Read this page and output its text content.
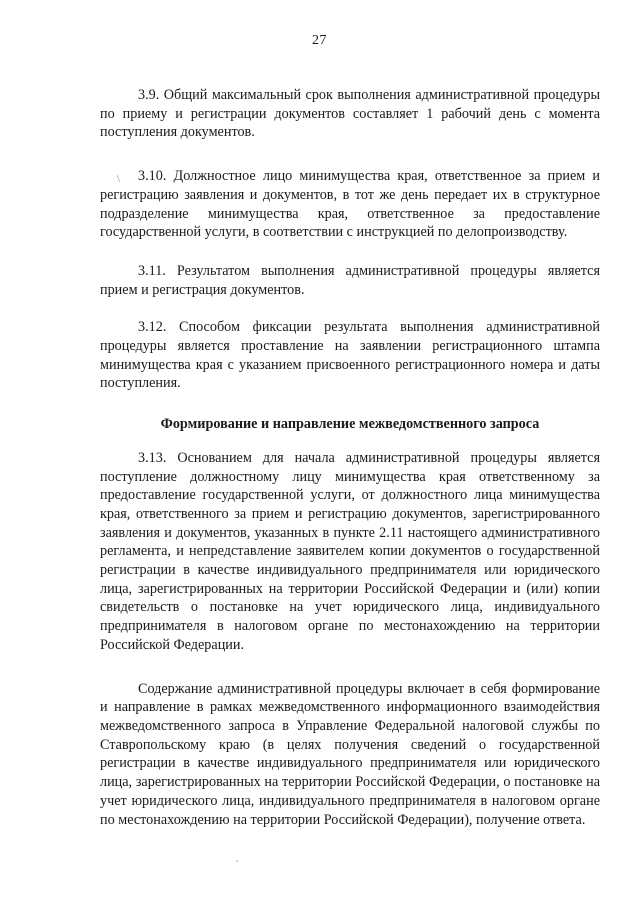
27
\

3.9. Общий максимальный срок выполнения административной процедуры по приему и регистрации документов составляет 1 рабочий день с момента поступления документов.

3.10. Должностное лицо минимущества края, ответственное за прием и регистрацию заявления и документов, в тот же день передает их в структурное подразделение минимущества края, ответственное за предоставление государственной услуги, в соответствии с инструкцией по делопроизводству.

3.11. Результатом выполнения административной процедуры является прием и регистрация документов.

3.12. Способом фиксации результата выполнения административной процедуры является проставление на заявлении регистрационного штампа минимущества края с указанием присвоенного регистрационного номера и даты поступления.

Формирование и направление межведомственного запроса

3.13. Основанием для начала административной процедуры является поступление должностному лицу минимущества края ответственному за предоставление государственной услуги, от должностного лица минимущества края, ответственного за прием и регистрацию документов, зарегистрированного заявления и документов, указанных в пункте 2.11 настоящего административного регламента, и непредставление заявителем копии документов о государственной регистрации в качестве индивидуального предпринимателя или юридического лица, зарегистрированных на территории Российской Федерации и (или) копии свидетельств о постановке на учет юридического лица, индивидуального предпринимателя в налоговом органе по местонахождению на территории Российской Федерации.

Содержание административной процедуры включает в себя формирование и направление в рамках межведомственного информационного взаимодействия межведомственного запроса в Управление Федеральной налоговой службы по Ставропольскому краю (в целях получения сведений о государственной регистрации в качестве индивидуального предпринимателя или юридического лица, зарегистрированных на территории Российской Федерации, о постановке на учет юридического лица, индивидуального предпринимателя в налоговом органе по местонахождению на территории Российской Федерации), получение ответа.
